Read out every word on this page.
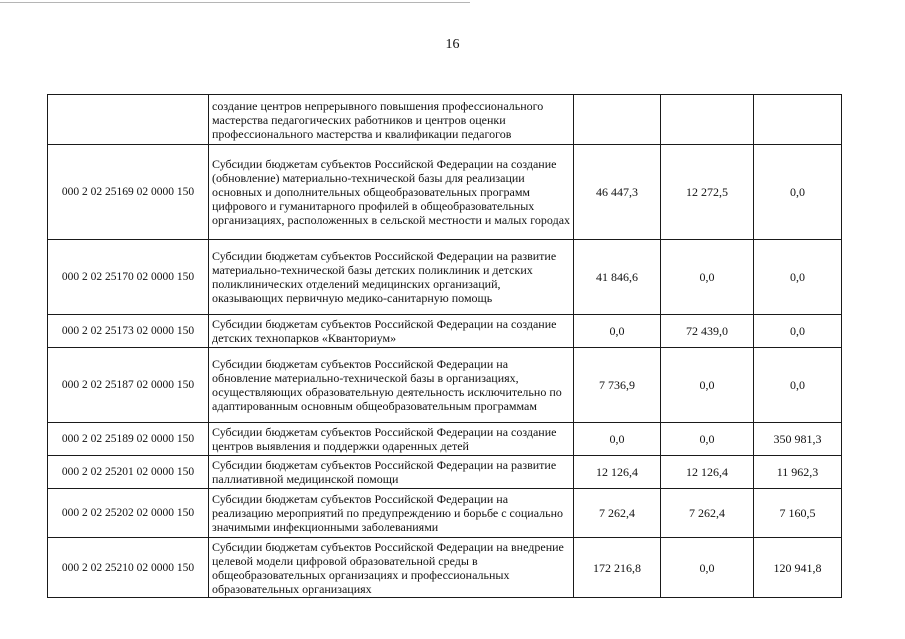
16
	создание центров непрерывного повышения профессионального мастерства педагогических работников и центров оценки профессионального мастерства и квалификации педагогов			
000 2 02 25169 02 0000 150	Субсидии бюджетам субъектов Российской Федерации на создание (обновление) материально-технической базы для реализации основных и дополнительных общеобразовательных программ цифрового и гуманитарного профилей в общеобразовательных организациях, расположенных в сельской местности и малых городах	46 447,3	12 272,5	0,0
000 2 02 25170 02 0000 150	Субсидии бюджетам субъектов Российской Федерации на развитие материально-технической базы детских поликлиник и детских поликлинических отделений медицинских организаций, оказывающих первичную медико-санитарную помощь	41 846,6	0,0	0,0
000 2 02 25173 02 0000 150	Субсидии бюджетам субъектов Российской Федерации на создание детских технопарков «Кванториум»	0,0	72 439,0	0,0
000 2 02 25187 02 0000 150	Субсидии бюджетам субъектов Российской Федерации на обновление материально-технической базы в организациях, осуществляющих образовательную деятельность исключительно по адаптированным основным общеобразовательным программам	7 736,9	0,0	0,0
000 2 02 25189 02 0000 150	Субсидии бюджетам субъектов Российской Федерации на создание центров выявления и поддержки одаренных детей	0,0	0,0	350 981,3
000 2 02 25201 02 0000 150	Субсидии бюджетам субъектов Российской Федерации на развитие паллиативной медицинской помощи	12 126,4	12 126,4	11 962,3
000 2 02 25202 02 0000 150	Субсидии бюджетам субъектов Российской Федерации на реализацию мероприятий по предупреждению и борьбе с социально значимыми инфекционными заболеваниями	7 262,4	7 262,4	7 160,5
000 2 02 25210 02 0000 150	Субсидии бюджетам субъектов Российской Федерации на внедрение целевой модели цифровой образовательной среды в общеобразовательных организациях и профессиональных образовательных организациях	172 216,8	0,0	120 941,8
